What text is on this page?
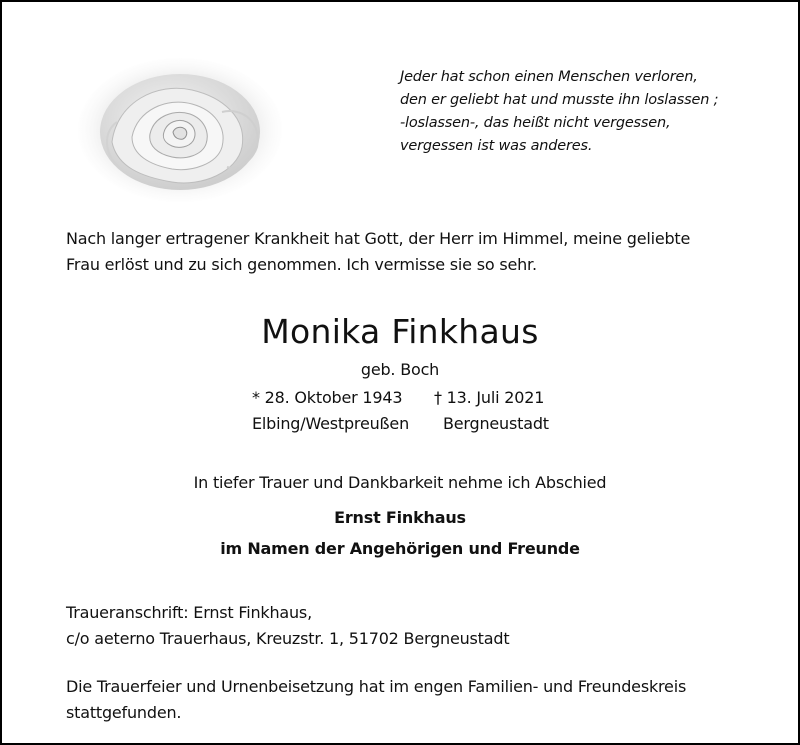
Jeder hat schon einen Menschen verloren,
den er geliebt hat und musste ihn loslassen ;
-loslassen-, das heißt nicht vergessen,
vergessen ist was anderes.
Nach langer ertragener Krankheit hat Gott, der Herr im Himmel, meine geliebte
Frau erlöst und zu sich genommen. Ich vermisse sie so sehr.
Monika Finkhaus
geb. Boch
* 28. Oktober 1943 † 13. Juli 2021
Elbing/Westpreußen Bergneustadt
In tiefer Trauer und Dankbarkeit nehme ich Abschied
Ernst Finkhaus
im Namen der Angehörigen und Freunde
Traueranschrift: Ernst Finkhaus,
c/o aeterno Trauerhaus, Kreuzstr. 1, 51702 Bergneustadt
Die Trauerfeier und Urnenbeisetzung hat im engen Familien- und Freundeskreis
stattgefunden.
